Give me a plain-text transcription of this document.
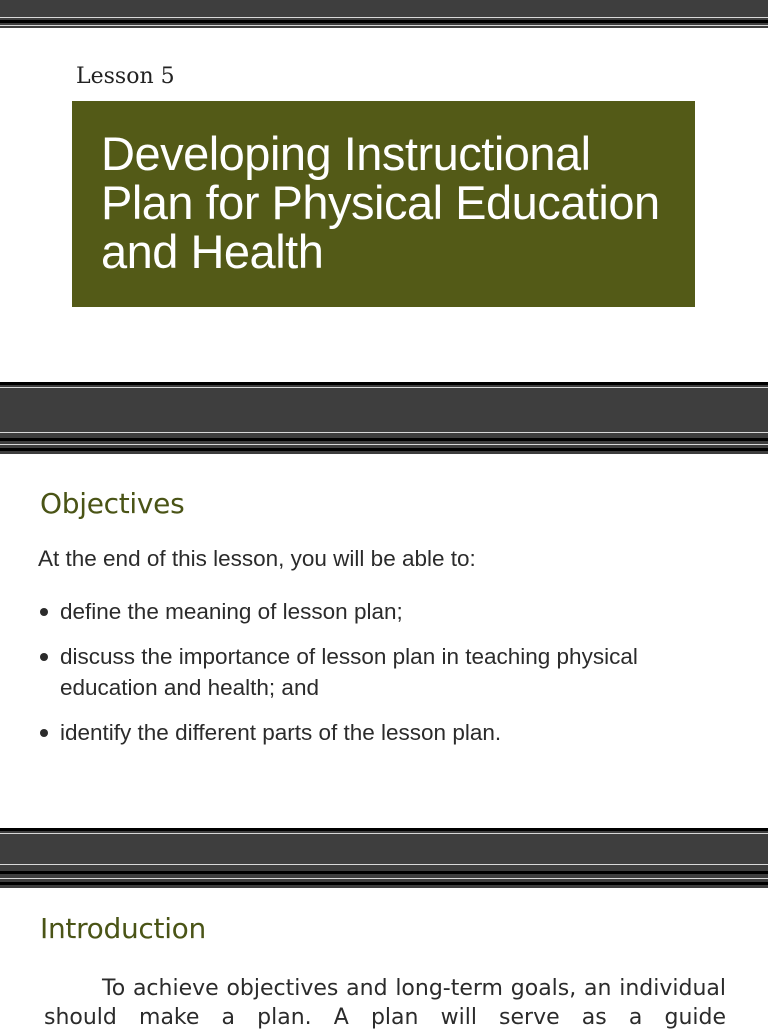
Lesson 5

Developing Instructional Plan for Physical Education and Health
Objectives

At the end of this lesson, you will be able to:

define the meaning of lesson plan;
discuss the importance of lesson plan in teaching physical education and health; and
identify the different parts of the lesson plan.
Introduction

To achieve objectives and long-term goals, an individual should make a plan. A plan will serve as a guide
